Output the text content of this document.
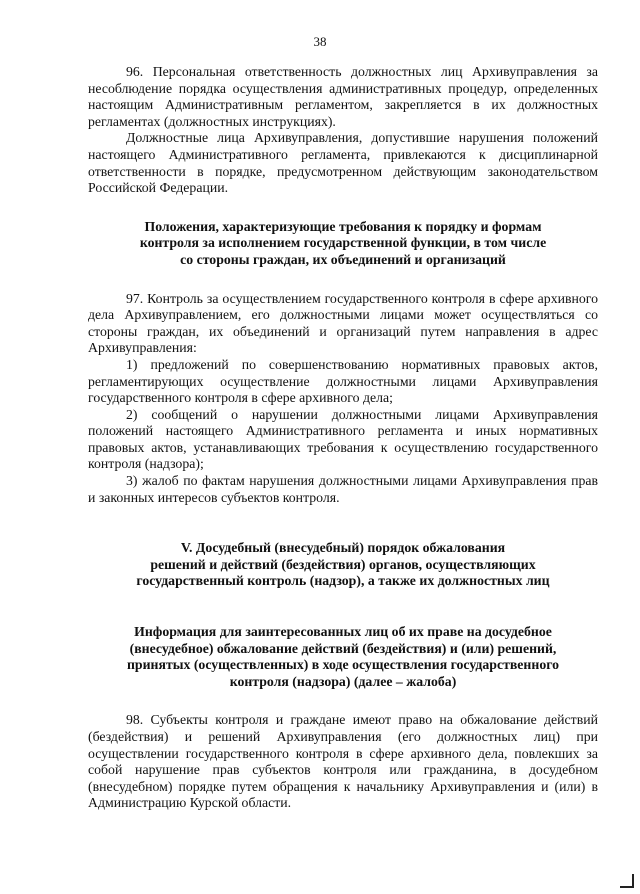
38

96. Персональная ответственность должностных лиц Архивуправления за несоблюдение порядка осуществления административных процедур, определенных настоящим Административным регламентом, закрепляется в их должностных регламентах (должностных инструкциях).

Должностные лица Архивуправления, допустившие нарушения положений настоящего Административного регламента, привлекаются к дисциплинарной ответственности в порядке, предусмотренном действующим законодательством Российской Федерации.

Положения, характеризующие требования к порядку и формам
контроля за исполнением государственной функции, в том числе
со стороны граждан, их объединений и организаций

97. Контроль за осуществлением государственного контроля в сфере архивного дела Архивуправлением, его должностными лицами может осуществляться со стороны граждан, их объединений и организаций путем направления в адрес Архивуправления:

1) предложений по совершенствованию нормативных правовых актов, регламентирующих осуществление должностными лицами Архивуправления государственного контроля в сфере архивного дела;

2) сообщений о нарушении должностными лицами Архивуправления положений настоящего Административного регламента и иных нормативных правовых актов, устанавливающих требования к осуществлению государственного контроля (надзора);

3) жалоб по фактам нарушения должностными лицами Архивуправления прав и законных интересов субъектов контроля.

V. Досудебный (внесудебный) порядок обжалования
решений и действий (бездействия) органов, осуществляющих
государственный контроль (надзор), а также их должностных лиц
Информация для заинтересованных лиц об их праве на досудебное
(внесудебное) обжалование действий (бездействия) и (или) решений,
принятых (осуществленных) в ходе осуществления государственного
контроля (надзора) (далее – жалоба)

98. Субъекты контроля и граждане имеют право на обжалование действий (бездействия) и решений Архивуправления (его должностных лиц) при осуществлении государственного контроля в сфере архивного дела, повлекших за собой нарушение прав субъектов контроля или гражданина, в досудебном (внесудебном) порядке путем обращения к начальнику Архивуправления и (или) в Администрацию Курской области.
